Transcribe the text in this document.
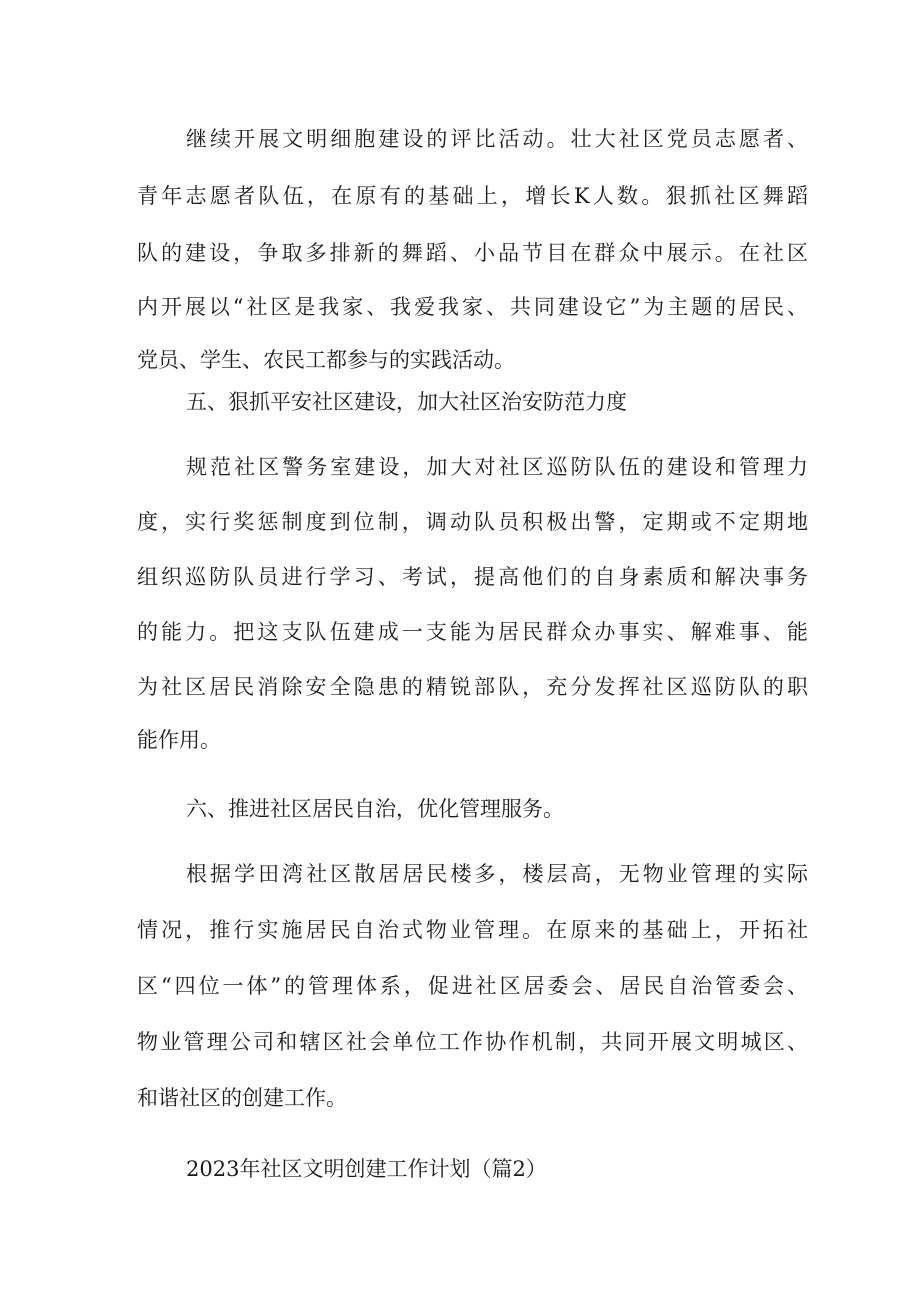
继续开展文明细胞建设的评比活动。壮大社区党员志愿者、
青年志愿者队伍，在原有的基础上，增长K人数。狠抓社区舞蹈
队的建设，争取多排新的舞蹈、小品节目在群众中展示。在社区
内开展以“社区是我家、我爱我家、共同建设它”为主题的居民、
党员、学生、农民工都参与的实践活动。
五、狠抓平安社区建设，加大社区治安防范力度
规范社区警务室建设，加大对社区巡防队伍的建设和管理力
度，实行奖惩制度到位制，调动队员积极出警，定期或不定期地
组织巡防队员进行学习、考试，提高他们的自身素质和解决事务
的能力。把这支队伍建成一支能为居民群众办事实、解难事、能
为社区居民消除安全隐患的精锐部队，充分发挥社区巡防队的职
能作用。
六、推进社区居民自治，优化管理服务。
根据学田湾社区散居居民楼多，楼层高，无物业管理的实际
情况，推行实施居民自治式物业管理。在原来的基础上，开拓社
区“四位一体”的管理体系，促进社区居委会、居民自治管委会、
物业管理公司和辖区社会单位工作协作机制，共同开展文明城区、
和谐社区的创建工作。
2023年社区文明创建工作计划（篇2）
